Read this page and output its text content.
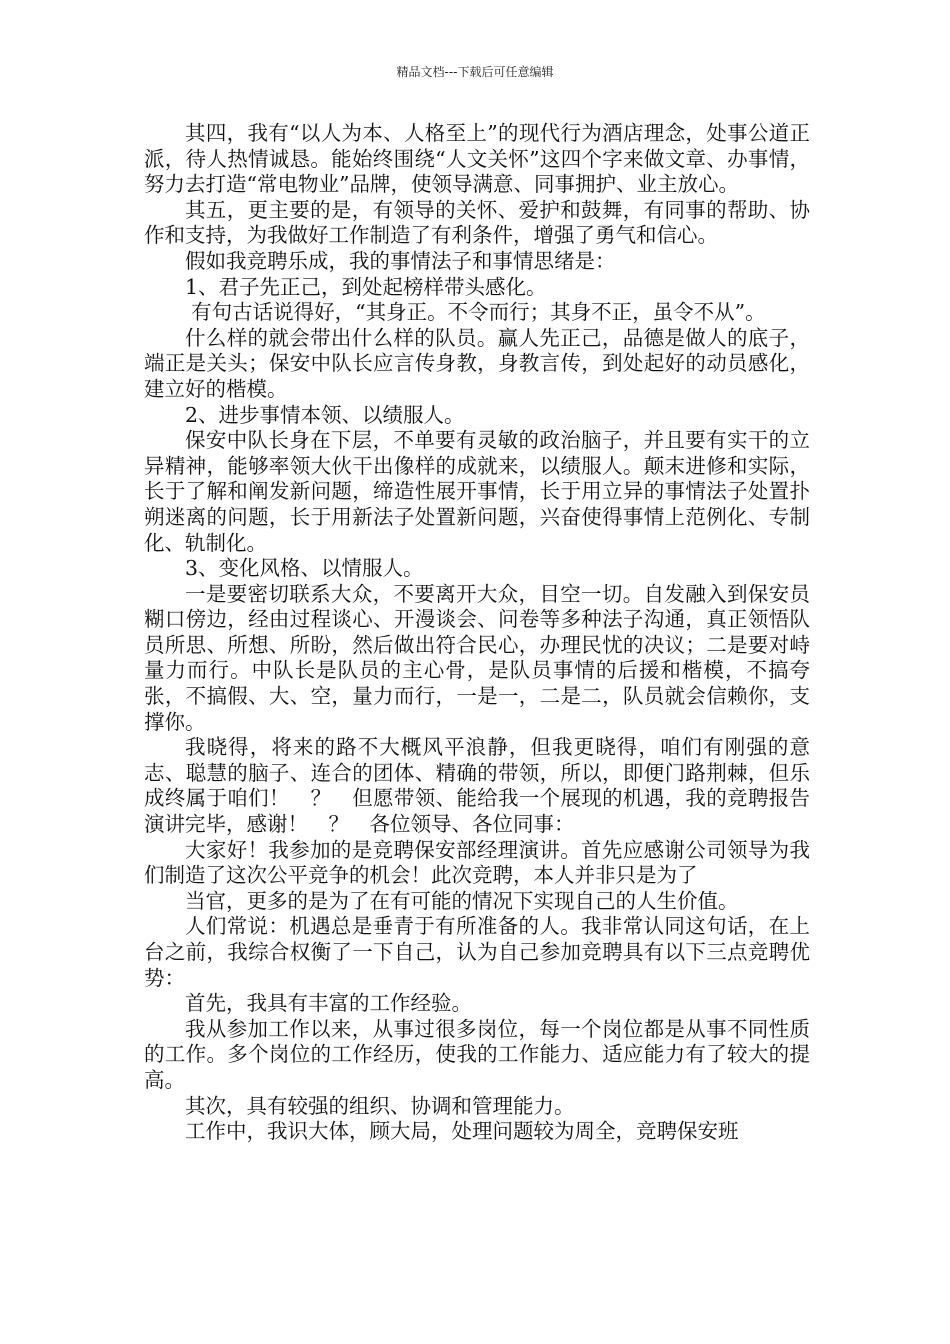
精品文档---下载后可任意编辑

其四，我有“以人为本、人格至上”的现代行为酒店理念，处事公道正派，待人热情诚恳。能始终围绕“人文关怀”这四个字来做文章、办事情，努力去打造“常电物业”品牌，使领导满意、同事拥护、业主放心。

其五，更主要的是，有领导的关怀、爱护和鼓舞，有同事的帮助、协作和支持，为我做好工作制造了有利条件，增强了勇气和信心。

假如我竞聘乐成，我的事情法子和事情思绪是：

1、君子先正己，到处起榜样带头感化。

有句古话说得好，“其身正。不令而行；其身不正，虽令不从”。

什么样的就会带出什么样的队员。赢人先正己，品德是做人的底子，端正是关头；保安中队长应言传身教，身教言传，到处起好的动员感化，建立好的楷模。

2、进步事情本领、以绩服人。

保安中队长身在下层，不单要有灵敏的政治脑子，并且要有实干的立异精神，能够率领大伙干出像样的成就来，以绩服人。颠末进修和实际，长于了解和阐发新问题，缔造性展开事情，长于用立异的事情法子处置扑朔迷离的问题，长于用新法子处置新问题，兴奋使得事情上范例化、专制化、轨制化。

3、变化风格、以情服人。

一是要密切联系大众，不要离开大众，目空一切。自发融入到保安员糊口傍边，经由过程谈心、开漫谈会、问卷等多种法子沟通，真正领悟队员所思、所想、所盼，然后做出符合民心，办理民忧的决议；二是要对峙量力而行。中队长是队员的主心骨，是队员事情的后援和楷模，不搞夸张，不搞假、大、空，量力而行，一是一，二是二，队员就会信赖你，支撑你。

我晓得，将来的路不大概风平浪静，但我更晓得，咱们有刚强的意志、聪慧的脑子、连合的团体、精确的带领，所以，即便门路荆棘，但乐成终属于咱们！　？　但愿带领、能给我一个展现的机遇，我的竞聘报告演讲完毕，感谢！　？　各位领导、各位同事：

大家好！我参加的是竞聘保安部经理演讲。首先应感谢公司领导为我们制造了这次公平竞争的机会！此次竞聘，本人并非只是为了

当官，更多的是为了在有可能的情况下实现自己的人生价值。

人们常说：机遇总是垂青于有所准备的人。我非常认同这句话，在上台之前，我综合权衡了一下自己，认为自己参加竞聘具有以下三点竞聘优势：

首先，我具有丰富的工作经验。

我从参加工作以来，从事过很多岗位，每一个岗位都是从事不同性质的工作。多个岗位的工作经历，使我的工作能力、适应能力有了较大的提高。

其次，具有较强的组织、协调和管理能力。

工作中，我识大体，顾大局，处理问题较为周全，竞聘保安班
